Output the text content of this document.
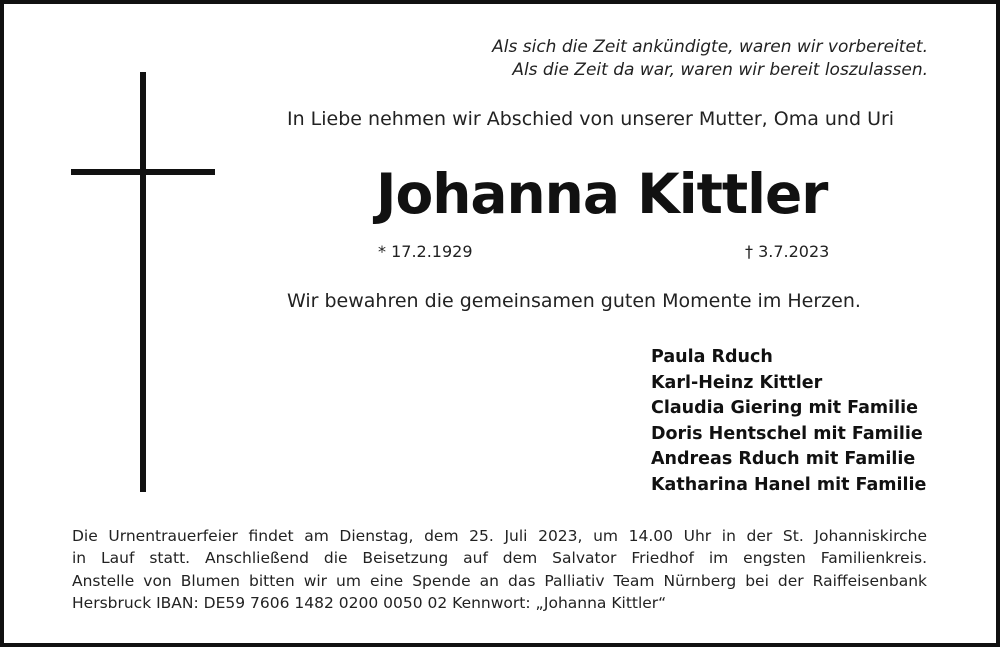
Als sich die Zeit ankündigte, waren wir vorbereitet.
Als die Zeit da war, waren wir bereit loszulassen.
In Liebe nehmen wir Abschied von unserer Mutter, Oma und Uri
Johanna Kittler
* 17.2.1929	† 3.7.2023
Wir bewahren die gemeinsamen guten Momente im Herzen.
Paula Rduch
Karl-Heinz Kittler
Claudia Giering mit Familie
Doris Hentschel mit Familie
Andreas Rduch mit Familie
Katharina Hanel mit Familie
Die Urnentrauerfeier findet am Dienstag, dem 25. Juli 2023, um 14.00 Uhr in der St. Johanniskirche
in Lauf statt. Anschließend die Beisetzung auf dem Salvator Friedhof im engsten Familienkreis.
Anstelle von Blumen bitten wir um eine Spende an das Palliativ Team Nürnberg bei der Raiffeisenbank
Hersbruck IBAN: DE59 7606 1482 0200 0050 02 Kennwort: „Johanna Kittler“
